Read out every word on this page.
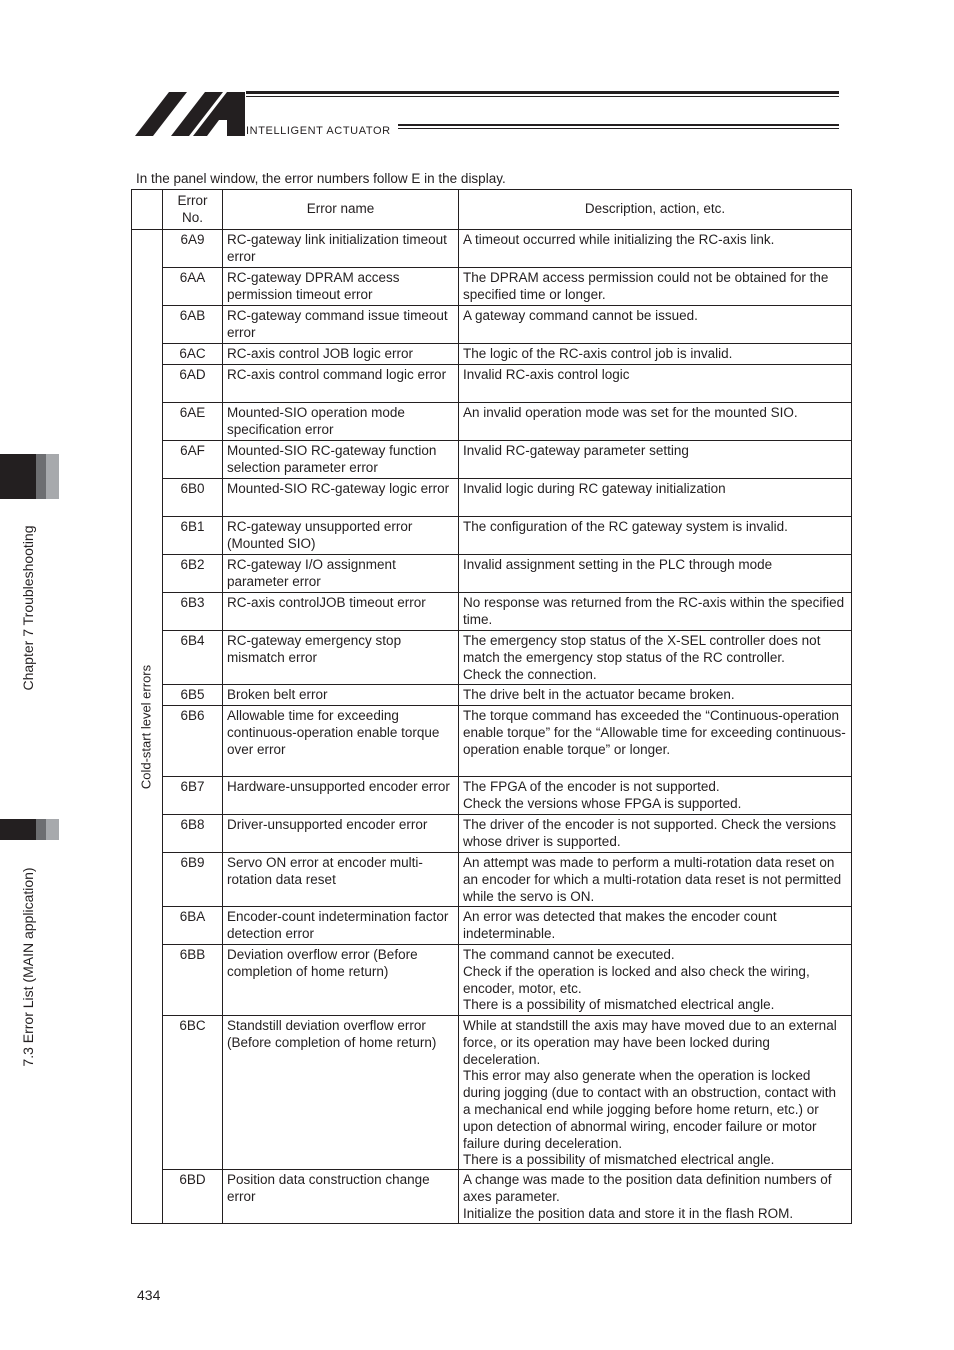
INTELLIGENT ACTUATOR
In the panel window, the error numbers follow E in the display.
	Error No.	Error name	Description, action, etc.

Cold-start level errors	6A9	RC-gateway link initialization timeout error	A timeout occurred while initializing the RC-axis link.
	6AA	RC-gateway DPRAM access permission timeout error	The DPRAM access permission could not be obtained for the specified time or longer.
	6AB	RC-gateway command issue timeout error	A gateway command cannot be issued.
	6AC	RC-axis control JOB logic error	The logic of the RC-axis control job is invalid.
	6AD	RC-axis control command logic error	Invalid RC-axis control logic
	6AE	Mounted-SIO operation mode specification error	An invalid operation mode was set for the mounted SIO.
	6AF	Mounted-SIO RC-gateway function selection parameter error	Invalid RC-gateway parameter setting
	6B0	Mounted-SIO RC-gateway logic error	Invalid logic during RC gateway initialization
	6B1	RC-gateway unsupported error (Mounted SIO)	The configuration of the RC gateway system is invalid.
	6B2	RC-gateway I/O assignment parameter error	Invalid assignment setting in the PLC through mode
	6B3	RC-axis controlJOB timeout error	No response was returned from the RC-axis within the specified time.
	6B4	RC-gateway emergency stop mismatch error	The emergency stop status of the X-SEL controller does not match the emergency stop status of the RC controller.
Check the connection.
	6B5	Broken belt error	The drive belt in the actuator became broken.
	6B6	Allowable time for exceeding continuous-operation enable torque over error	The torque command has exceeded the “Continuous-operation enable torque” for the “Allowable time for exceeding continuous-operation enable torque” or longer.
	6B7	Hardware-unsupported encoder error	The FPGA of the encoder is not supported.
Check the versions whose FPGA is supported.
	6B8	Driver-unsupported encoder error	The driver of the encoder is not supported. Check the versions whose driver is supported.
	6B9	Servo ON error at encoder multi-rotation data reset	An attempt was made to perform a multi-rotation data reset on an encoder for which a multi-rotation data reset is not permitted while the servo is ON.
	6BA	Encoder-count indetermination factor detection error	An error was detected that makes the encoder count indeterminable.
	6BB	Deviation overflow error (Before completion of home return)	The command cannot be executed.
Check if the operation is locked and also check the wiring, encoder, motor, etc.
There is a possibility of mismatched electrical angle.
	6BC	Standstill deviation overflow error (Before completion of home return)	While at standstill the axis may have moved due to an external force, or its operation may have been locked during deceleration.
This error may also generate when the operation is locked during jogging (due to contact with an obstruction, contact with a mechanical end while jogging before home return, etc.) or upon detection of abnormal wiring, encoder failure or motor failure during deceleration.
There is a possibility of mismatched electrical angle.
	6BD	Position data construction change error	A change was made to the position data definition numbers of axes parameter.
Initialize the position data and store it in the flash ROM.
Chapter 7 Troubleshooting
7.3 Error List (MAIN application)
434
